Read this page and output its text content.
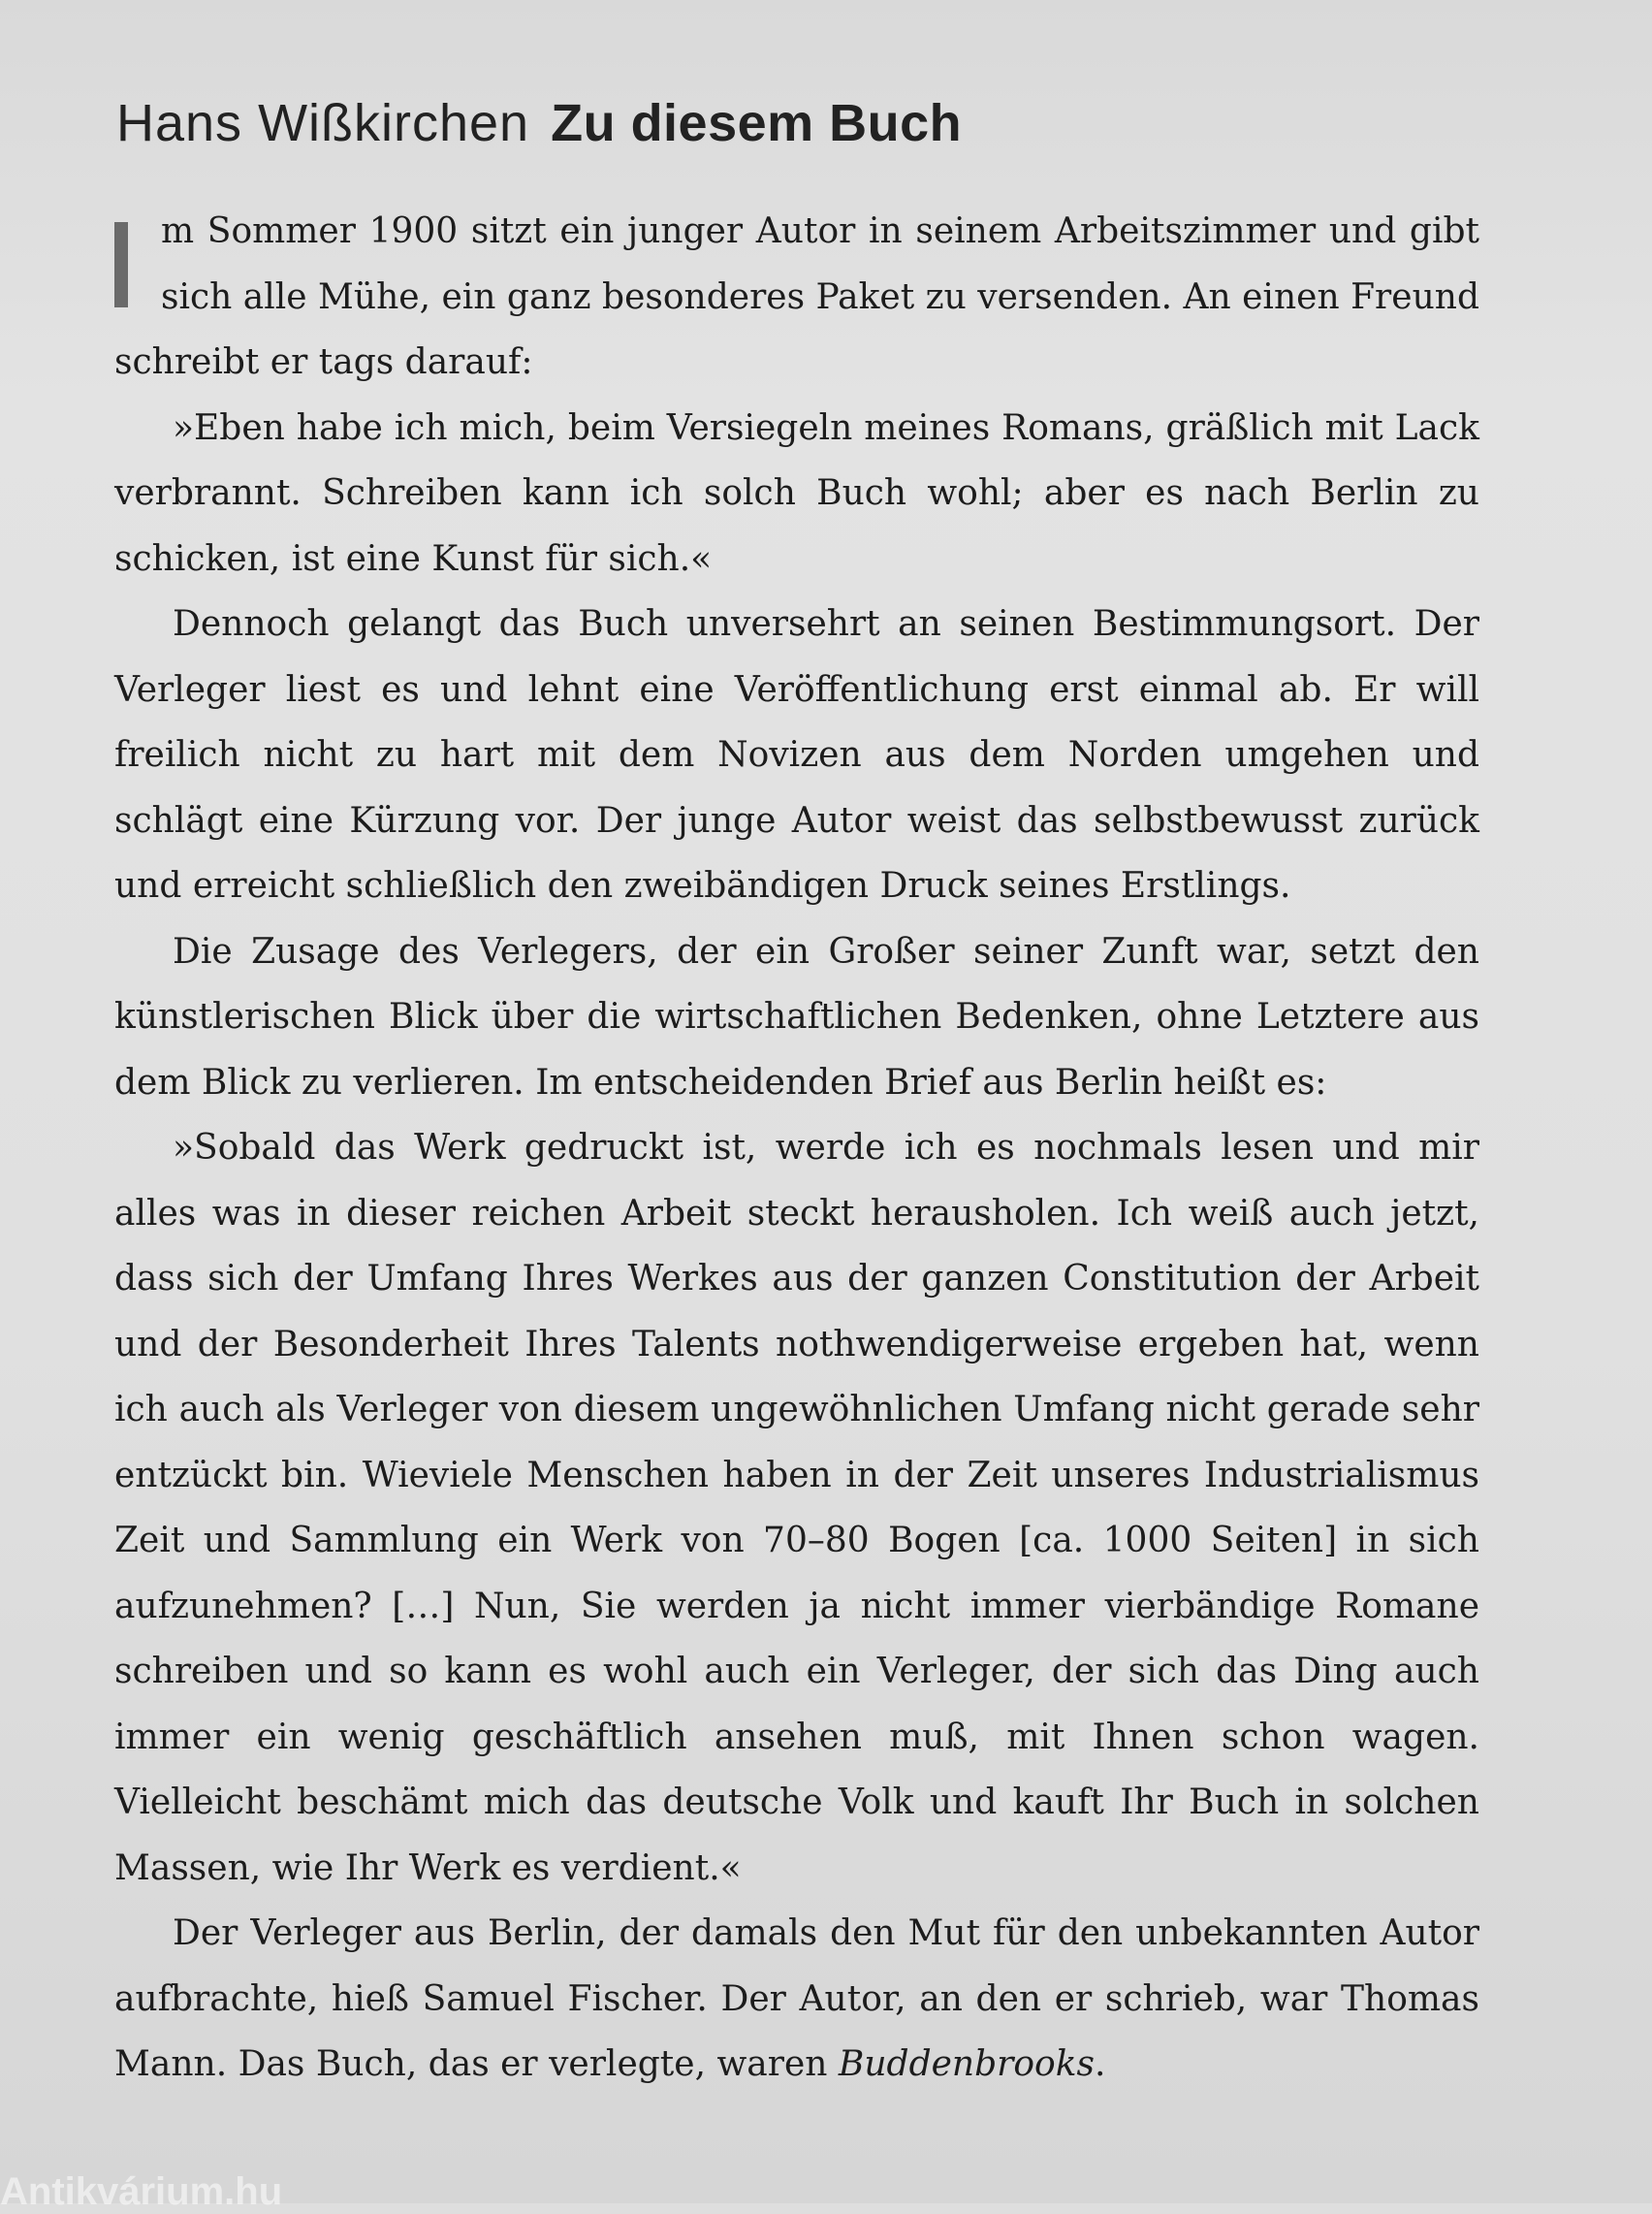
Hans Wißkirchen Zu diesem Buch

m Sommer 1900 sitzt ein junger Autor in seinem Arbeitszimmer und gibt sich alle Mühe, ein ganz besonderes Paket zu versenden. An einen Freund schreibt er tags darauf:

»Eben habe ich mich, beim Versiegeln meines Romans, gräßlich mit Lack verbrannt. Schreiben kann ich solch Buch wohl; aber es nach Berlin zu schicken, ist eine Kunst für sich.«

Dennoch gelangt das Buch unversehrt an seinen Bestimmungsort. Der Verleger liest es und lehnt eine Veröffentlichung erst einmal ab. Er will freilich nicht zu hart mit dem Novizen aus dem Norden umgehen und schlägt eine Kürzung vor. Der junge Autor weist das selbstbewusst zurück und erreicht schließlich den zweibändigen Druck seines Erstlings.

Die Zusage des Verlegers, der ein Großer seiner Zunft war, setzt den künstlerischen Blick über die wirtschaftlichen Bedenken, ohne Letztere aus dem Blick zu verlieren. Im entscheidenden Brief aus Berlin heißt es:

»Sobald das Werk gedruckt ist, werde ich es nochmals lesen und mir alles was in dieser reichen Arbeit steckt herausholen. Ich weiß auch jetzt, dass sich der Umfang Ihres Werkes aus der ganzen Constitution der Arbeit und der Besonderheit Ihres Talents nothwendigerweise ergeben hat, wenn ich auch als Verleger von diesem ungewöhnlichen Umfang nicht gerade sehr entzückt bin. Wieviele Menschen haben in der Zeit unseres Industrialismus Zeit und Sammlung ein Werk von 70–80 Bogen [ca. 1000 Seiten] in sich aufzunehmen? […] Nun, Sie werden ja nicht immer vierbändige Romane schreiben und so kann es wohl auch ein Verleger, der sich das Ding auch immer ein wenig geschäftlich ansehen muß, mit Ihnen schon wagen. Vielleicht beschämt mich das deutsche Volk und kauft Ihr Buch in solchen Massen, wie Ihr Werk es verdient.«

Der Verleger aus Berlin, der damals den Mut für den unbekannten Autor aufbrachte, hieß Samuel Fischer. Der Autor, an den er schrieb, war Thomas Mann. Das Buch, das er verlegte, waren Buddenbrooks.

Antikvárium.hu
